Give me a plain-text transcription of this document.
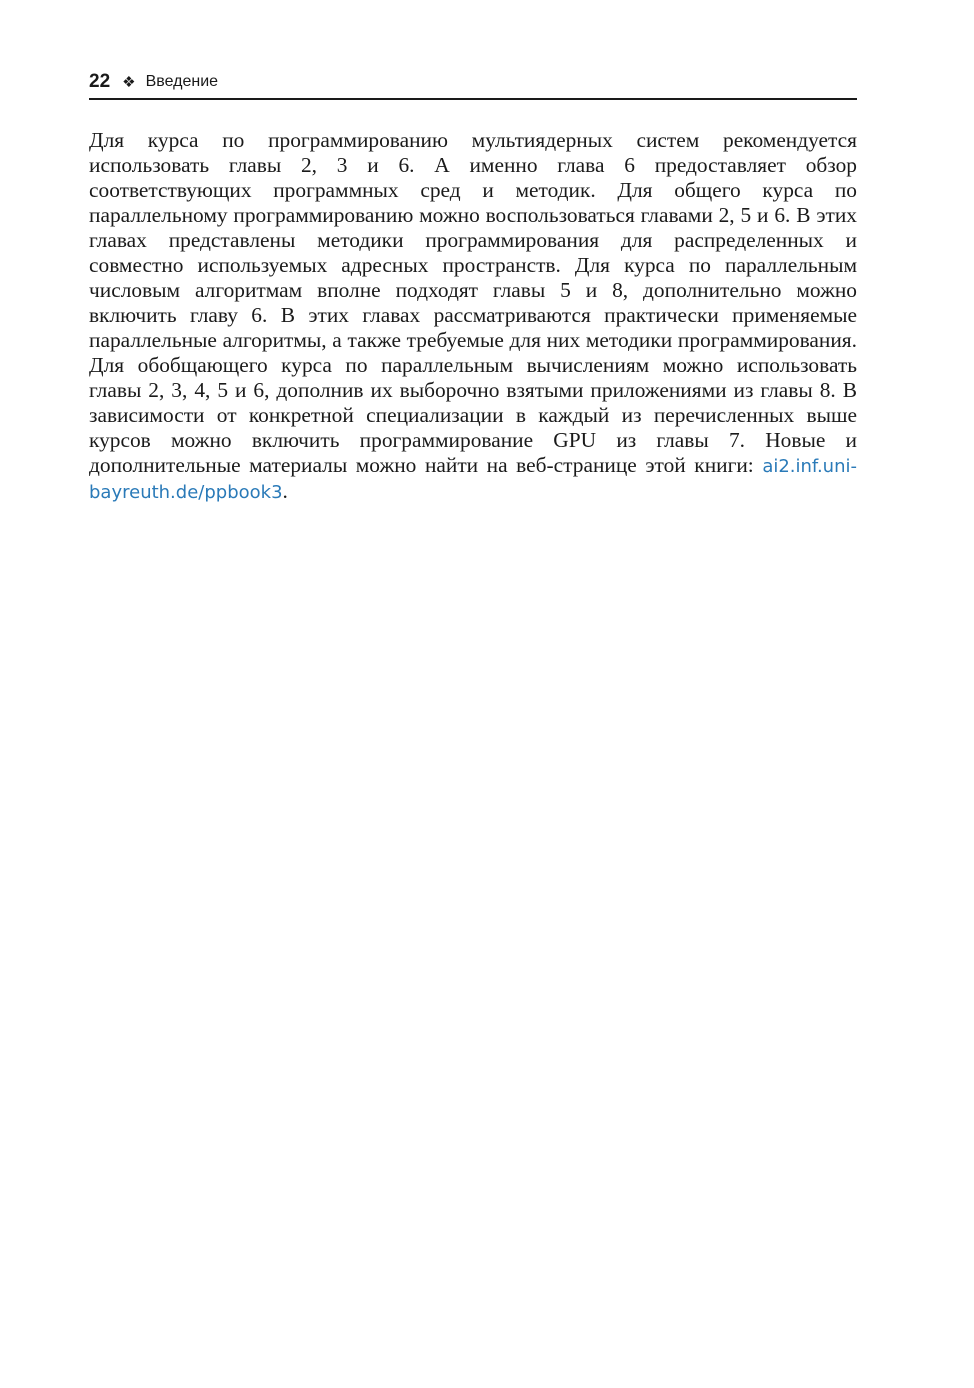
22 ❖ Введение

Для курса по программированию мультиядерных систем рекомендуется использовать главы 2, 3 и 6. А именно глава 6 предоставляет обзор соответствующих программных сред и методик. Для общего курса по параллельному программированию можно воспользоваться главами 2, 5 и 6. В этих главах представлены методики программирования для распределенных и совместно используемых адресных пространств. Для курса по параллельным числовым алгоритмам вполне подходят главы 5 и 8, дополнительно можно включить главу 6. В этих главах рассматриваются практически применяемые параллельные алгоритмы, а также требуемые для них методики программирования. Для обобщающего курса по параллельным вычислениям можно использовать главы 2, 3, 4, 5 и 6, дополнив их выборочно взятыми приложениями из главы 8. В зависимости от конкретной специализации в каждый из перечисленных выше курсов можно включить программирование GPU из главы 7. Новые и дополнительные материалы можно найти на веб-странице этой книги: ai2.inf.uni-bayreuth.de/ppbook3.
